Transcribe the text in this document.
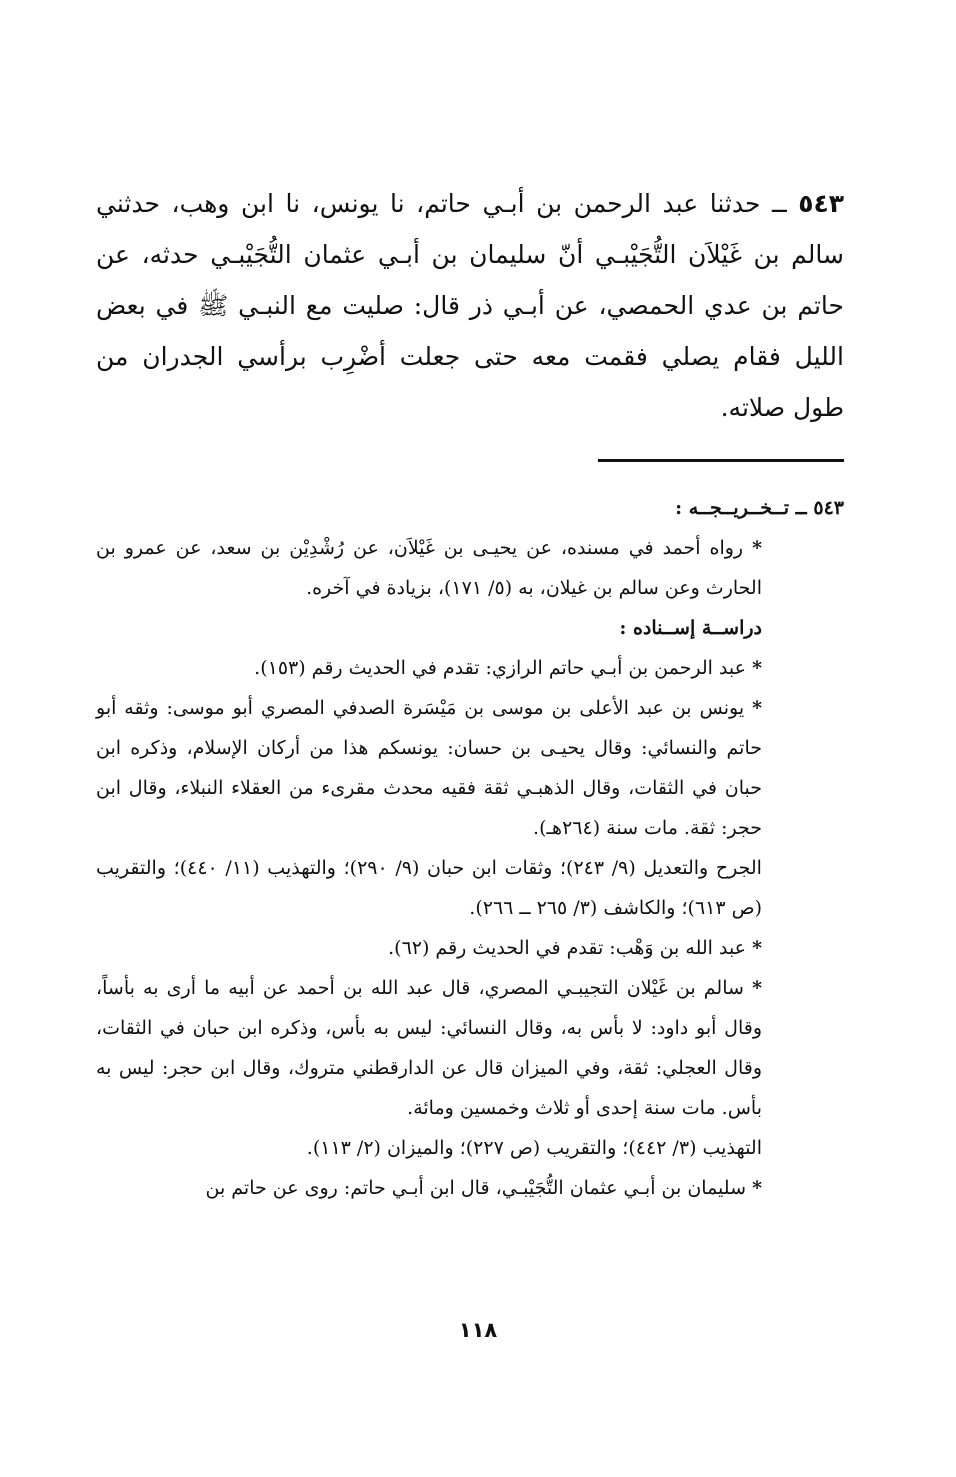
٥٤٣ ــ حدثنا عبد الرحمن بن أبـي حاتم، نا يونس، نا ابن وهب، حدثني سالم بن غَيْلاَن التُّجَيْبـي أنّ سليمان بن أبـي عثمان التُّجَيْبـي حدثه، عن حاتم بن عدي الحمصي، عن أبـي ذر قال: صليت مع النبـي ﷺ في بعض الليل فقام يصلي فقمت معه حتى جعلت أضْرِب برأسي الجدران من طول صلاته.

٥٤٣ ــ تــخــريــجــه :

* رواه أحمد في مسنده، عن يحيـى بن غَيْلاَن، عن رُشْدِيْن بن سعد، عن عمرو بن الحارث وعن سالم بن غيلان، به (٥/ ١٧١)، بزيادة في آخره.

دراســة إســناده :

* عبد الرحمن بن أبـي حاتم الرازي: تقدم في الحديث رقم (١٥٣).

* يونس بن عبد الأعلى بن موسى بن مَيْسَرة الصدفي المصري أبو موسى: وثقه أبو حاتم والنسائي: وقال يحيـى بن حسان: يونسكم هذا من أركان الإسلام، وذكره ابن حبان في الثقات، وقال الذهبـي ثقة فقيه محدث مقرىء من العقلاء النبلاء، وقال ابن حجر: ثقة. مات سنة (٢٦٤هـ).

الجرح والتعديل (٩/ ٢٤٣)؛ وثقات ابن حبان (٩/ ٢٩٠)؛ والتهذيب (١١/ ٤٤٠)؛ والتقريب (ص ٦١٣)؛ والكاشف (٣/ ٢٦٥ ــ ٢٦٦).

* عبد الله بن وَهْب: تقدم في الحديث رقم (٦٢).

* سالم بن غَيْلان التجيبـي المصري، قال عبد الله بن أحمد عن أبيه ما أرى به بأساً، وقال أبو داود: لا بأس به، وقال النسائي: ليس به بأس، وذكره ابن حبان في الثقات، وقال العجلي: ثقة، وفي الميزان قال عن الدارقطني متروك، وقال ابن حجر: ليس به بأس. مات سنة إحدى أو ثلاث وخمسين ومائة.

التهذيب (٣/ ٤٤٢)؛ والتقريب (ص ٢٢٧)؛ والميزان (٢/ ١١٣).

* سليمان بن أبـي عثمان التُّجَيْبـي، قال ابن أبـي حاتم: روى عن حاتم بن

١١٨
